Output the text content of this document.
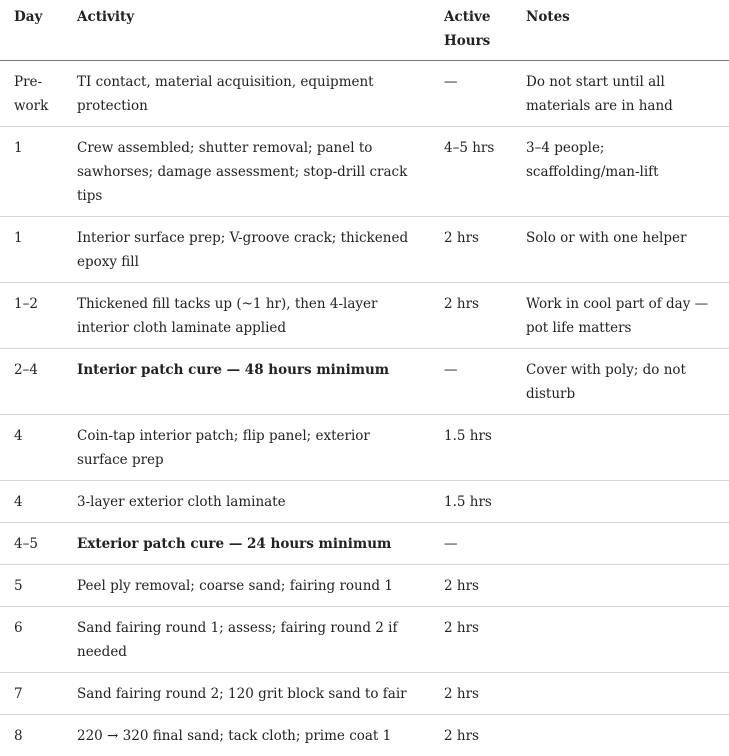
Day	Activity	Active Hours	Notes
Pre-work	TI contact, material acquisition, equipment protection	—	Do not start until all materials are in hand
1	Crew assembled; shutter removal; panel to sawhorses; damage assessment; stop-drill crack tips	4–5 hrs	3–4 people; scaffolding/man-lift
1	Interior surface prep; V-groove crack; thickened epoxy fill	2 hrs	Solo or with one helper
1–2	Thickened fill tacks up (~1 hr), then 4-layer interior cloth laminate applied	2 hrs	Work in cool part of day — pot life matters
2–4	Interior patch cure — 48 hours minimum	—	Cover with poly; do not disturb
4	Coin-tap interior patch; flip panel; exterior surface prep	1.5 hrs	
4	3-layer exterior cloth laminate	1.5 hrs	
4–5	Exterior patch cure — 24 hours minimum	—	
5	Peel ply removal; coarse sand; fairing round 1	2 hrs	
6	Sand fairing round 1; assess; fairing round 2 if needed	2 hrs	
7	Sand fairing round 2; 120 grit block sand to fair	2 hrs	
8	220 → 320 final sand; tack cloth; prime coat 1	2 hrs	
